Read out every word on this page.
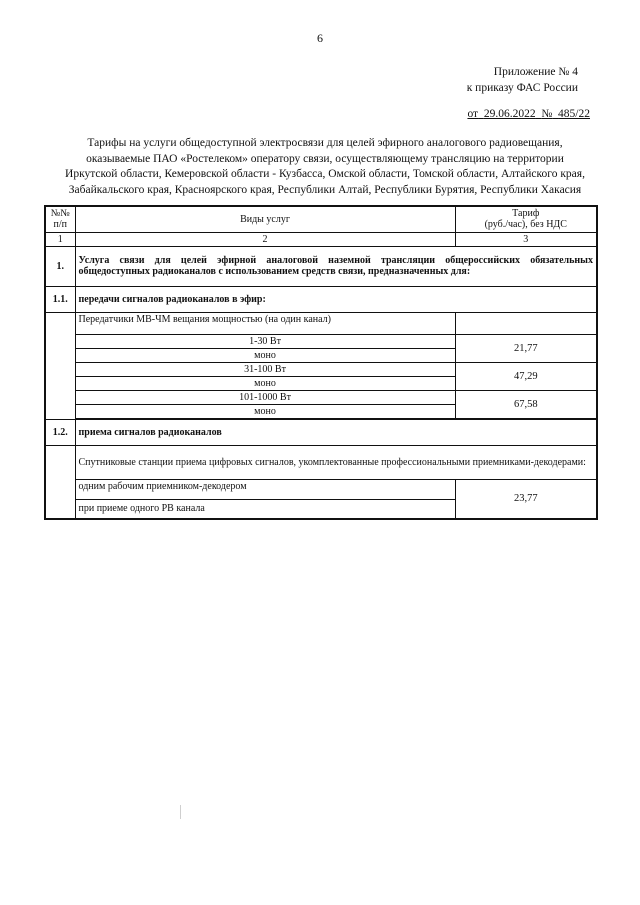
6
Приложение № 4
к приказу ФАС России
от 29.06.2022 № 485/22
Тарифы на услуги общедоступной электросвязи для целей эфирного аналогового радиовещания,
оказываемые ПАО «Ростелеком» оператору связи, осуществляющему трансляцию на территории
Иркутской области, Кемеровской области - Кузбасса, Омской области, Томской области, Алтайского края,
Забайкальского края, Красноярского края, Республики Алтай, Республики Бурятия, Республики Хакасия
№№ п/п	Виды услуг	Тариф
(руб./час), без НДС

1	2	3
1.	Услуга связи для целей эфирной аналоговой наземной трансляции общероссийских обязательных общедоступных радиоканалов с использованием средств связи, предназначенных для:	
1.1.	передачи сигналов радиоканалов в эфир:	
	Передатчики МВ-ЧМ вещания мощностью (на один канал)	
	1-30 Вт	21,77
	моно	
	31-100 Вт	47,29
	моно	
	101-1000 Вт	67,58
	моно	

1.2.	приема сигналов радиоканалов	
	Спутниковые станции приема цифровых сигналов, укомплектованные профессиональными приемниками-декодерами:	
	одним рабочим приемником-декодером	23,77
	при приеме одного РВ канала	
